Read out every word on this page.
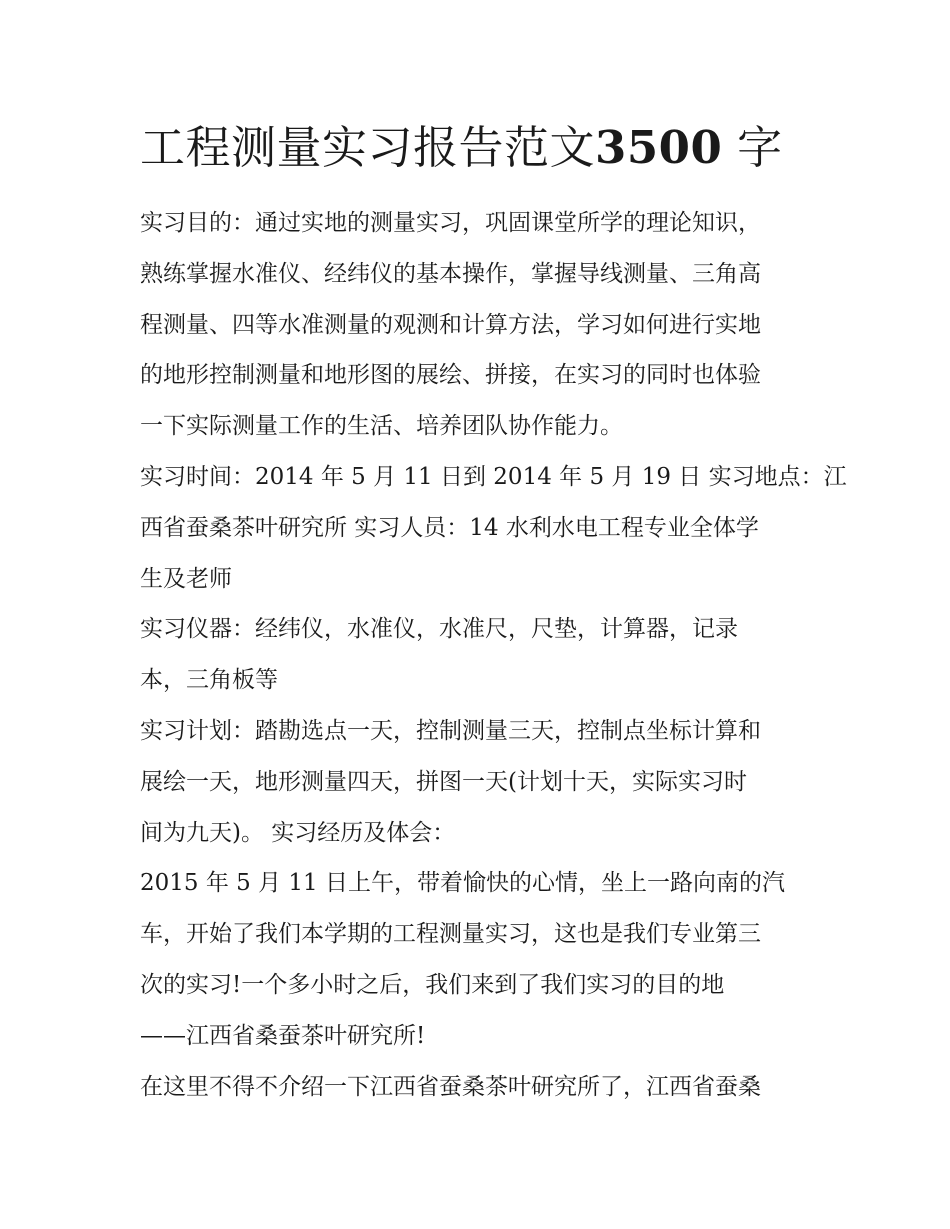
工程测量实习报告范文3500 字

实习目的：通过实地的测量实习，巩固课堂所学的理论知识，
熟练掌握水准仪、经纬仪的基本操作，掌握导线测量、三角高
程测量、四等水准测量的观测和计算方法，学习如何进行实地
的地形控制测量和地形图的展绘、拼接，在实习的同时也体验
一下实际测量工作的生活、培养团队协作能力。

实习时间：2014 年 5 月 11 日到 2014 年 5 月 19 日 实习地点：江
西省蚕桑茶叶研究所 实习人员：14 水利水电工程专业全体学
生及老师

实习仪器：经纬仪，水准仪，水准尺，尺垫，计算器，记录
本，三角板等

实习计划：踏勘选点一天，控制测量三天，控制点坐标计算和
展绘一天，地形测量四天，拼图一天(计划十天，实际实习时
间为九天)。 实习经历及体会：

2015 年 5 月 11 日上午，带着愉快的心情，坐上一路向南的汽
车，开始了我们本学期的工程测量实习，这也是我们专业第三
次的实习!一个多小时之后，我们来到了我们实习的目的地
——江西省桑蚕茶叶研究所!

在这里不得不介绍一下江西省蚕桑茶叶研究所了，江西省蚕桑
